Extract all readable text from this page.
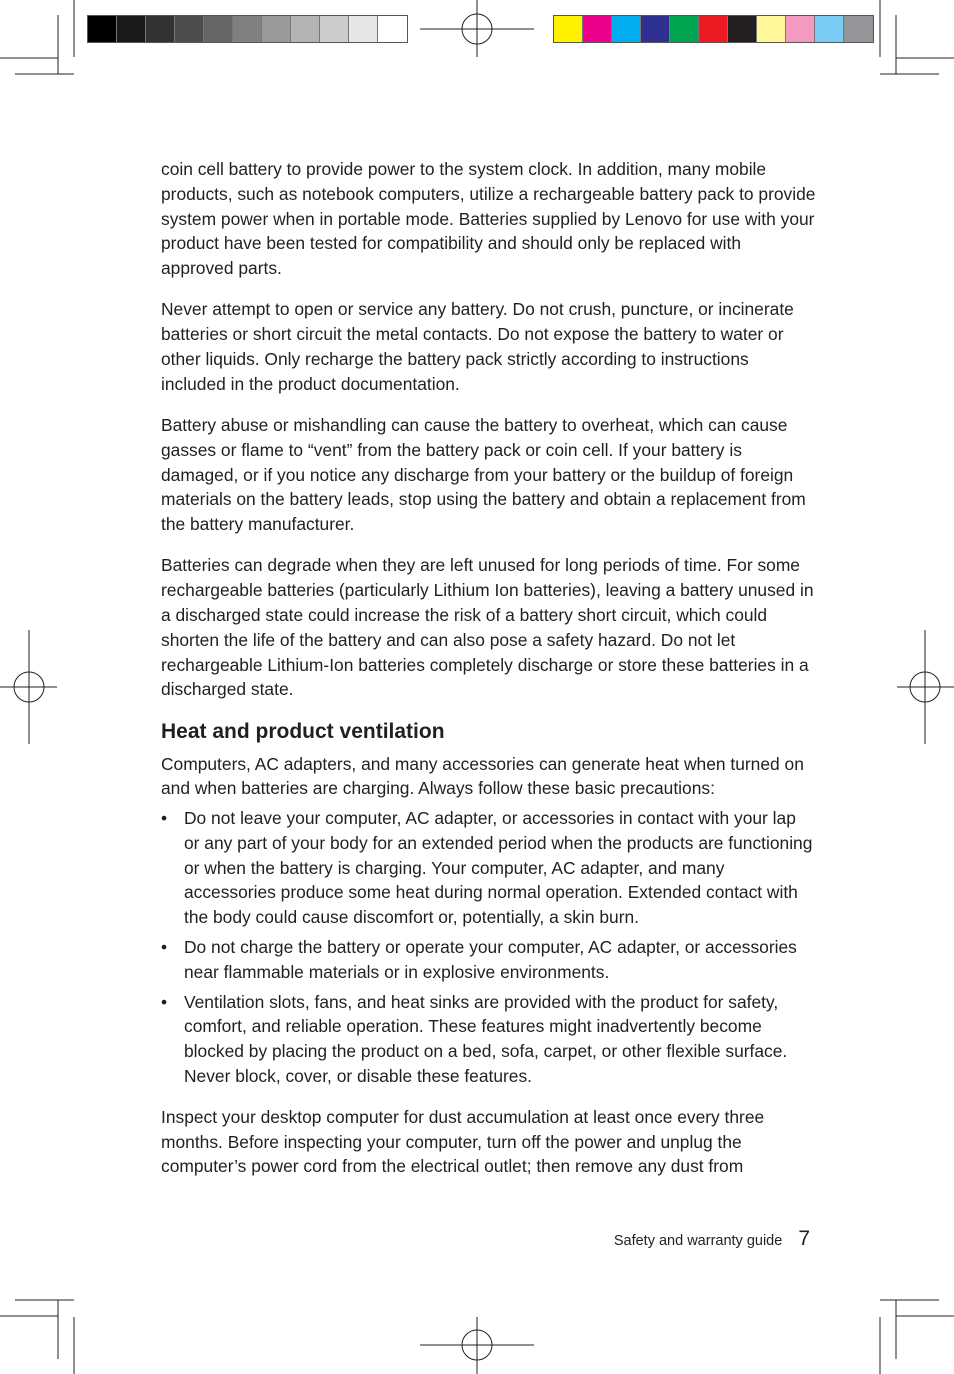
coin cell battery to provide power to the system clock. In addition, many mobile products, such as notebook computers, utilize a rechargeable battery pack to provide system power when in portable mode. Batteries supplied by Lenovo for use with your product have been tested for compatibility and should only be replaced with approved parts.

Never attempt to open or service any battery. Do not crush, puncture, or incinerate batteries or short circuit the metal contacts. Do not expose the battery to water or other liquids. Only recharge the battery pack strictly according to instructions included in the product documentation.

Battery abuse or mishandling can cause the battery to overheat, which can cause gasses or flame to “vent” from the battery pack or coin cell. If your battery is damaged, or if you notice any discharge from your battery or the buildup of foreign materials on the battery leads, stop using the battery and obtain a replacement from the battery manufacturer.

Batteries can degrade when they are left unused for long periods of time. For some rechargeable batteries (particularly Lithium Ion batteries), leaving a battery unused in a discharged state could increase the risk of a battery short circuit, which could shorten the life of the battery and can also pose a safety hazard. Do not let rechargeable Lithium-Ion batteries completely discharge or store these batteries in a discharged state.

Heat and product ventilation

Computers, AC adapters, and many accessories can generate heat when turned on and when batteries are charging. Always follow these basic precautions:

• Do not leave your computer, AC adapter, or accessories in contact with your lap or any part of your body for an extended period when the products are functioning or when the battery is charging. Your computer, AC adapter, and many accessories produce some heat during normal operation. Extended contact with the body could cause discomfort or, potentially, a skin burn.
• Do not charge the battery or operate your computer, AC adapter, or accessories near flammable materials or in explosive environments.
• Ventilation slots, fans, and heat sinks are provided with the product for safety, comfort, and reliable operation. These features might inadvertently become blocked by placing the product on a bed, sofa, carpet, or other flexible surface. Never block, cover, or disable these features.

Inspect your desktop computer for dust accumulation at least once every three months. Before inspecting your computer, turn off the power and unplug the computer’s power cord from the electrical outlet; then remove any dust from

Safety and warranty guide 7
